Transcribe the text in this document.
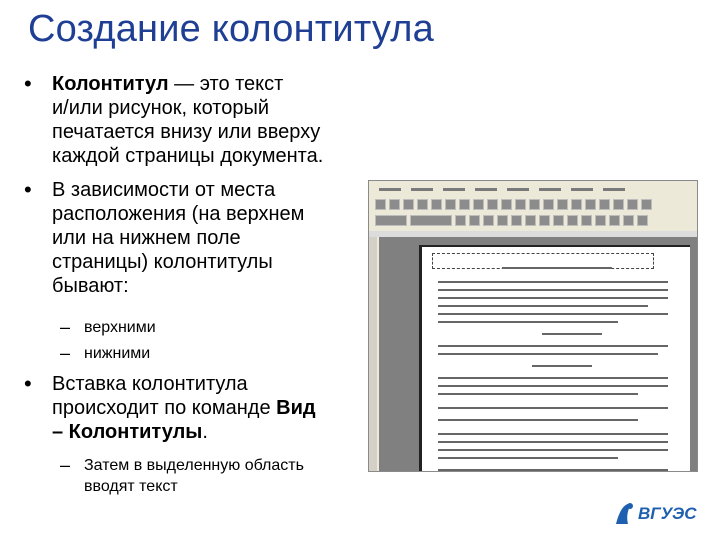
Создание колонтитула
• Колонтитул — это текст
и/или рисунок, который
печатается внизу или вверху
каждой страницы документа.
• В зависимости от места
расположения (на верхнем
или на нижнем поле
страницы) колонтитулы
бывают:
– верхними
– нижними
• Вставка колонтитула
происходит по команде Вид
– Колонтитулы.
– Затем в выделенную область
вводят текст
ВГУЭС
